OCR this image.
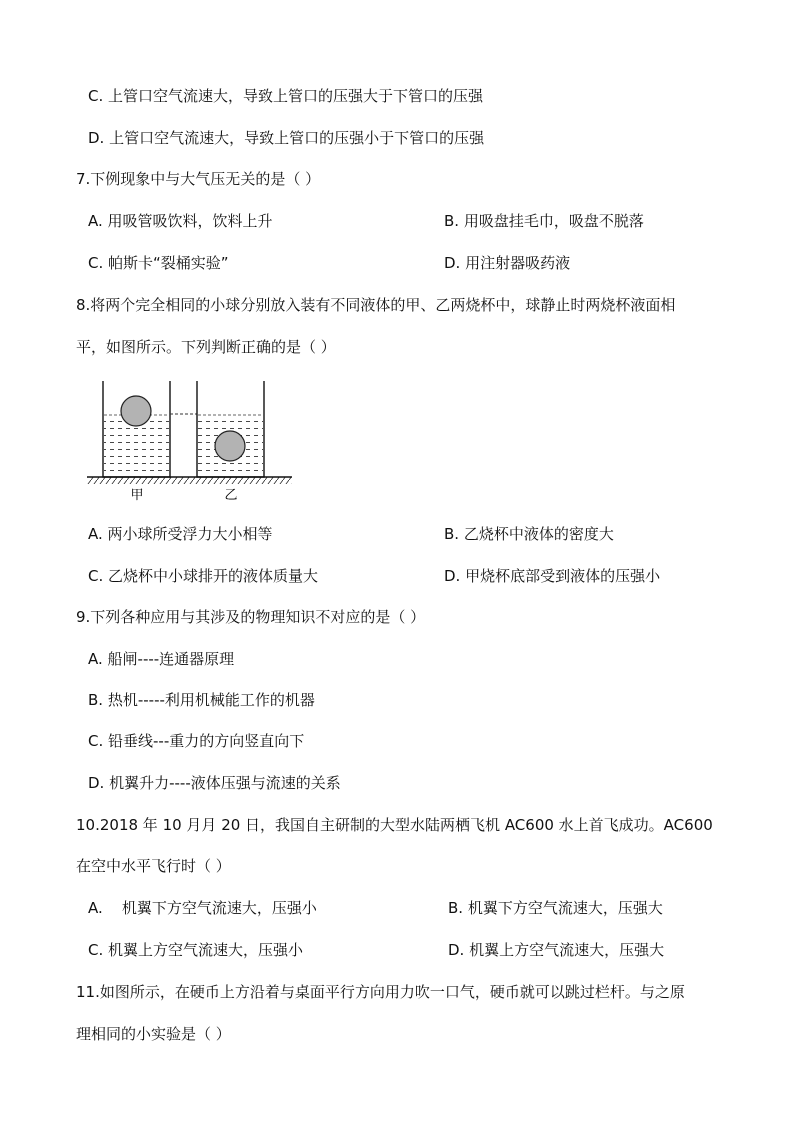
C. 上管口空气流速大，导致上管口的压强大于下管口的压强
D. 上管口空气流速大，导致上管口的压强小于下管口的压强
7.下例现象中与大气压无关的是（ ）
A. 用吸管吸饮料，饮料上升	B. 用吸盘挂毛巾，吸盘不脱落
C. 帕斯卡“裂桶实验”	D. 用注射器吸药液
8.将两个完全相同的小球分别放入装有不同液体的甲、乙两烧杯中，球静止时两烧杯液面相
平，如图所示。下列判断正确的是（ ）
甲	乙
A. 两小球所受浮力大小相等	B. 乙烧杯中液体的密度大
C. 乙烧杯中小球排开的液体质量大	D. 甲烧杯底部受到液体的压强小
9.下列各种应用与其涉及的物理知识不对应的是（ ）
A. 船闸----连通器原理
B. 热机-----利用机械能工作的机器
C. 铅垂线---重力的方向竖直向下
D. 机翼升力----液体压强与流速的关系
10.2018 年 10 月月 20 日，我国自主研制的大型水陆两栖飞机 AC600 水上首飞成功。AC600
在空中水平飞行时（ ）
A.    机翼下方空气流速大，压强小	B. 机翼下方空气流速大，压强大
C. 机翼上方空气流速大，压强小	D. 机翼上方空气流速大，压强大
11.如图所示，在硬币上方沿着与桌面平行方向用力吹一口气，硬币就可以跳过栏杆。与之原
理相同的小实验是（ ）
